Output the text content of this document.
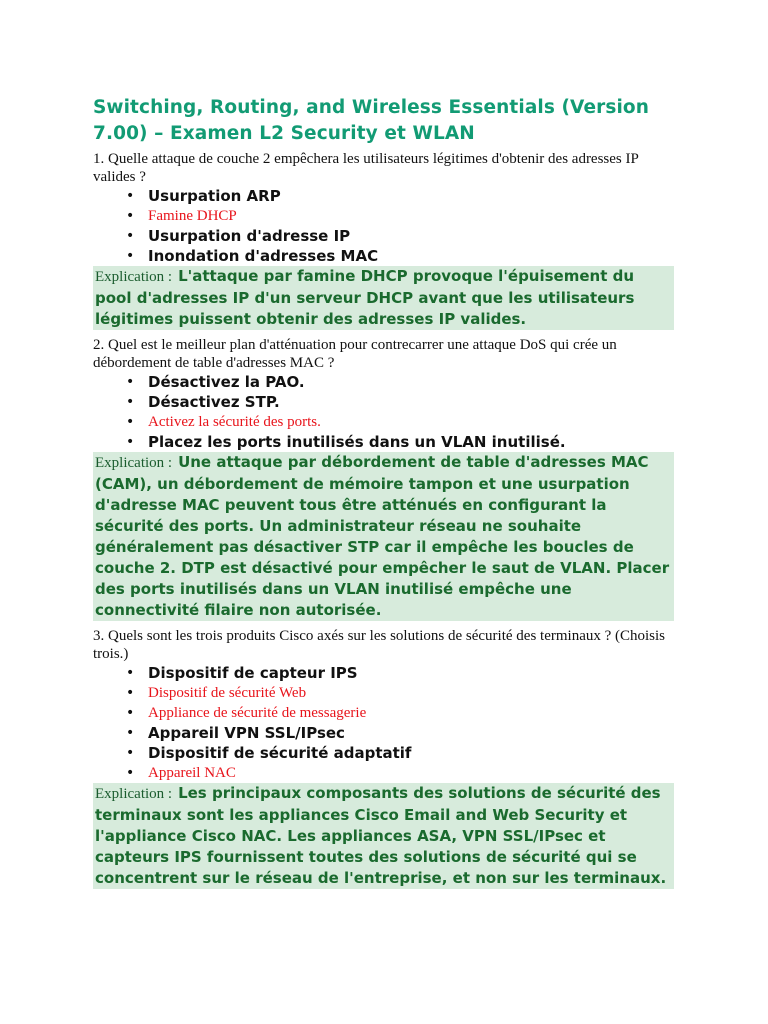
Switching, Routing, and Wireless Essentials (Version 7.00) – Examen L2 Security et WLAN

1. Quelle attaque de couche 2 empêchera les utilisateurs légitimes d'obtenir des adresses IP valides ?

• Usurpation ARP
• Famine DHCP
• Usurpation d'adresse IP
• Inondation d'adresses MAC
Explication : L'attaque par famine DHCP provoque l'épuisement du pool d'adresses IP d'un serveur DHCP avant que les utilisateurs légitimes puissent obtenir des adresses IP valides.

2. Quel est le meilleur plan d'atténuation pour contrecarrer une attaque DoS qui crée un débordement de table d'adresses MAC ?

• Désactivez la PAO.
• Désactivez STP.
• Activez la sécurité des ports.
• Placez les ports inutilisés dans un VLAN inutilisé.
Explication : Une attaque par débordement de table d'adresses MAC (CAM), un débordement de mémoire tampon et une usurpation d'adresse MAC peuvent tous être atténués en configurant la sécurité des ports. Un administrateur réseau ne souhaite généralement pas désactiver STP car il empêche les boucles de couche 2. DTP est désactivé pour empêcher le saut de VLAN. Placer des ports inutilisés dans un VLAN inutilisé empêche une connectivité filaire non autorisée.

3. Quels sont les trois produits Cisco axés sur les solutions de sécurité des terminaux ? (Choisis trois.)

• Dispositif de capteur IPS
• Dispositif de sécurité Web
• Appliance de sécurité de messagerie
• Appareil VPN SSL/IPsec
• Dispositif de sécurité adaptatif
• Appareil NAC
Explication : Les principaux composants des solutions de sécurité des terminaux sont les appliances Cisco Email and Web Security et l'appliance Cisco NAC. Les appliances ASA, VPN SSL/IPsec et capteurs IPS fournissent toutes des solutions de sécurité qui se concentrent sur le réseau de l'entreprise, et non sur les terminaux.
